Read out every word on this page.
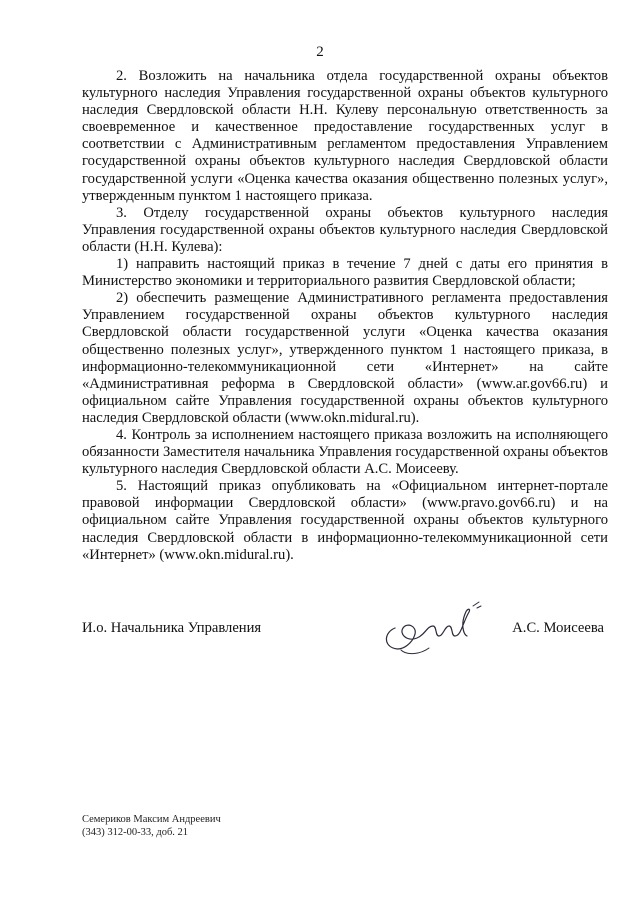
2

2. Возложить на начальника отдела государственной охраны объектов культурного наследия Управления государственной охраны объектов культурного наследия Свердловской области Н.Н. Кулеву персональную ответственность за своевременное и качественное предоставление государственных услуг в соответствии с Административным регламентом предоставления Управлением государственной охраны объектов культурного наследия Свердловской области государственной услуги «Оценка качества оказания общественно полезных услуг», утвержденным пунктом 1 настоящего приказа.

3. Отделу государственной охраны объектов культурного наследия Управления государственной охраны объектов культурного наследия Свердловской области (Н.Н. Кулева):

1) направить настоящий приказ в течение 7 дней с даты его принятия в Министерство экономики и территориального развития Свердловской области;

2) обеспечить размещение Административного регламента предоставления Управлением государственной охраны объектов культурного наследия Свердловской области государственной услуги «Оценка качества оказания общественно полезных услуг», утвержденного пунктом 1 настоящего приказа, в информационно-телекоммуникационной сети «Интернет» на сайте «Административная реформа в Свердловской области» (www.ar.gov66.ru) и официальном сайте Управления государственной охраны объектов культурного наследия Свердловской области (www.okn.midural.ru).

4. Контроль за исполнением настоящего приказа возложить на исполняющего обязанности Заместителя начальника Управления государственной охраны объектов культурного наследия Свердловской области А.С. Моисееву.

5. Настоящий приказ опубликовать на «Официальном интернет-портале правовой информации Свердловской области» (www.pravo.gov66.ru) и на официальном сайте Управления государственной охраны объектов культурного наследия Свердловской области в информационно-телекоммуникационной сети «Интернет» (www.okn.midural.ru).

И.о. Начальника Управления	А.С. Моисеева
Семериков Максим Андреевич
(343) 312-00-33, доб. 21
